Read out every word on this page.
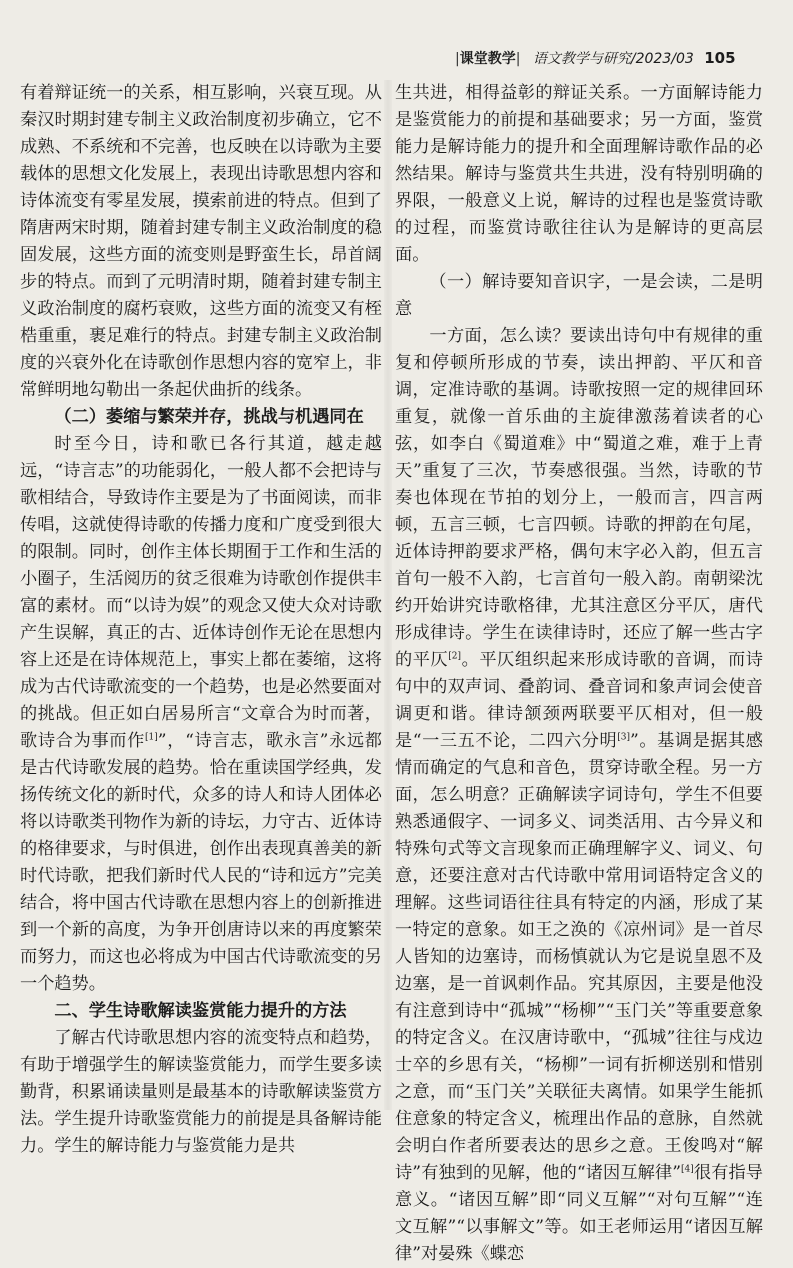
|课堂教学| 语文教学与研究/2023/03 105

有着辩证统一的关系，相互影响，兴衰互现。从秦汉时期封建专制主义政治制度初步确立，它不成熟、不系统和不完善，也反映在以诗歌为主要载体的思想文化发展上，表现出诗歌思想内容和诗体流变有零星发展，摸索前进的特点。但到了隋唐两宋时期，随着封建专制主义政治制度的稳固发展，这些方面的流变则是野蛮生长，昂首阔步的特点。而到了元明清时期，随着封建专制主义政治制度的腐朽衰败，这些方面的流变又有桎梏重重，裹足难行的特点。封建专制主义政治制度的兴衰外化在诗歌创作思想内容的宽窄上，非常鲜明地勾勒出一条起伏曲折的线条。

（二）萎缩与繁荣并存，挑战与机遇同在

时至今日，诗和歌已各行其道，越走越远，“诗言志”的功能弱化，一般人都不会把诗与歌相结合，导致诗作主要是为了书面阅读，而非传唱，这就使得诗歌的传播力度和广度受到很大的限制。同时，创作主体长期囿于工作和生活的小圈子，生活阅历的贫乏很难为诗歌创作提供丰富的素材。而“以诗为娱”的观念又使大众对诗歌产生误解，真正的古、近体诗创作无论在思想内容上还是在诗体规范上，事实上都在萎缩，这将成为古代诗歌流变的一个趋势，也是必然要面对的挑战。但正如白居易所言“文章合为时而著，歌诗合为事而作[1]”，“诗言志，歌永言”永远都是古代诗歌发展的趋势。恰在重读国学经典，发扬传统文化的新时代，众多的诗人和诗人团体必将以诗歌类刊物作为新的诗坛，力守古、近体诗的格律要求，与时俱进，创作出表现真善美的新时代诗歌，把我们新时代人民的“诗和远方”完美结合，将中国古代诗歌在思想内容上的创新推进到一个新的高度，为争开创唐诗以来的再度繁荣而努力，而这也必将成为中国古代诗歌流变的另一个趋势。

二、学生诗歌解读鉴赏能力提升的方法

了解古代诗歌思想内容的流变特点和趋势，有助于增强学生的解读鉴赏能力，而学生要多读勤背，积累诵读量则是最基本的诗歌解读鉴赏方法。学生提升诗歌鉴赏能力的前提是具备解诗能力。学生的解诗能力与鉴赏能力是共

生共进，相得益彰的辩证关系。一方面解诗能力是鉴赏能力的前提和基础要求；另一方面，鉴赏能力是解诗能力的提升和全面理解诗歌作品的必然结果。解诗与鉴赏共生共进，没有特别明确的界限，一般意义上说，解诗的过程也是鉴赏诗歌的过程，而鉴赏诗歌往往认为是解诗的更高层面。

（一）解诗要知音识字，一是会读，二是明意

一方面，怎么读？要读出诗句中有规律的重复和停顿所形成的节奏，读出押韵、平仄和音调，定准诗歌的基调。诗歌按照一定的规律回环重复，就像一首乐曲的主旋律激荡着读者的心弦，如李白《蜀道难》中“蜀道之难，难于上青天”重复了三次，节奏感很强。当然，诗歌的节奏也体现在节拍的划分上，一般而言，四言两顿，五言三顿，七言四顿。诗歌的押韵在句尾，近体诗押韵要求严格，偶句末字必入韵，但五言首句一般不入韵，七言首句一般入韵。南朝梁沈约开始讲究诗歌格律，尤其注意区分平仄，唐代形成律诗。学生在读律诗时，还应了解一些古字的平仄[2]。平仄组织起来形成诗歌的音调，而诗句中的双声词、叠韵词、叠音词和象声词会使音调更和谐。律诗颔颈两联要平仄相对，但一般是“一三五不论，二四六分明[3]”。基调是据其感情而确定的气息和音色，贯穿诗歌全程。另一方面，怎么明意？正确解读字词诗句，学生不但要熟悉通假字、一词多义、词类活用、古今异义和特殊句式等文言现象而正确理解字义、词义、句意，还要注意对古代诗歌中常用词语特定含义的理解。这些词语往往具有特定的内涵，形成了某一特定的意象。如王之涣的《凉州词》是一首尽人皆知的边塞诗，而杨慎就认为它是说皇恩不及边塞，是一首讽刺作品。究其原因，主要是他没有注意到诗中“孤城”“杨柳”“玉门关”等重要意象的特定含义。在汉唐诗歌中，“孤城”往往与戍边士卒的乡思有关，“杨柳”一词有折柳送别和惜别之意，而“玉门关”关联征夫离情。如果学生能抓住意象的特定含义，梳理出作品的意脉，自然就会明白作者所要表达的思乡之意。王俊鸣对“解诗”有独到的见解，他的“诸因互解律”[4]很有指导意义。“诸因互解”即“同义互解”“对句互解”“连文互解”“以事解文”等。如王老师运用“诸因互解律”对晏殊《蝶恋
